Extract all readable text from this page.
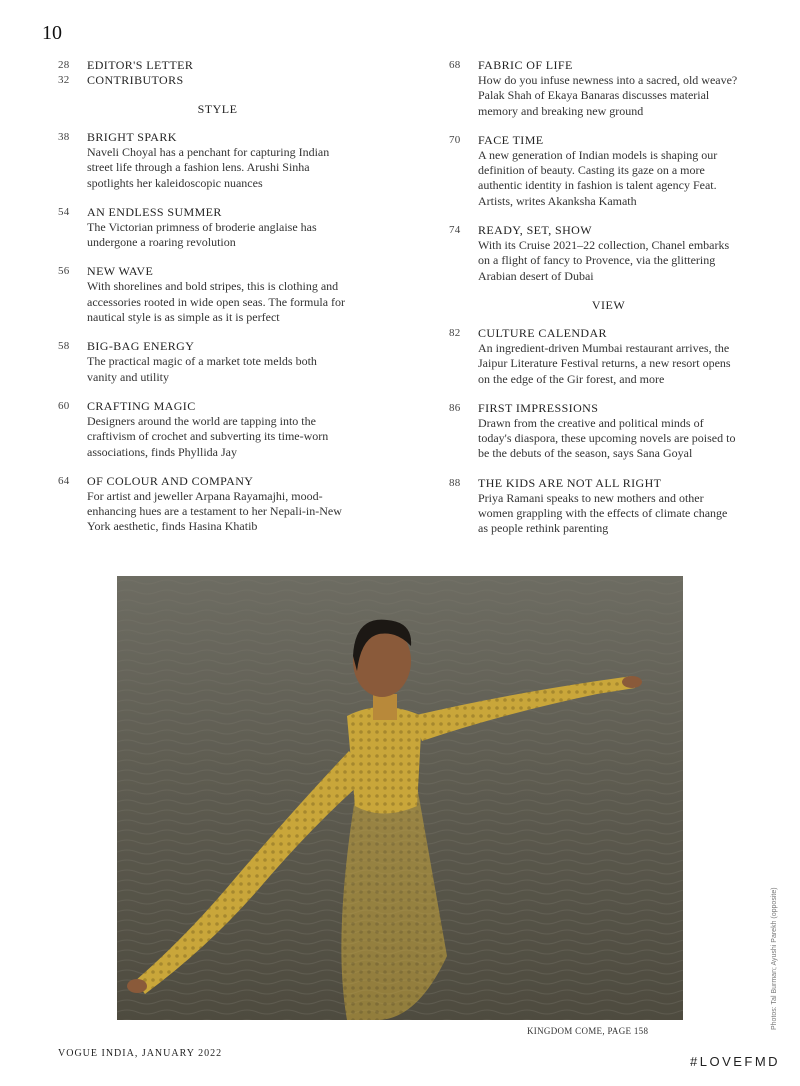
10
28	EDITOR'S LETTER
32	CONTRIBUTORS
STYLE
38	BRIGHT SPARK
Naveli Choyal has a penchant for capturing Indian street life through a fashion lens. Arushi Sinha spotlights her kaleidoscopic nuances
54	AN ENDLESS SUMMER
The Victorian primness of broderie anglaise has undergone a roaring revolution
56	NEW WAVE
With shorelines and bold stripes, this is clothing and accessories rooted in wide open seas. The formula for nautical style is as simple as it is perfect
58	BIG-BAG ENERGY
The practical magic of a market tote melds both vanity and utility
60	CRAFTING MAGIC
Designers around the world are tapping into the craftivism of crochet and subverting its time-worn associations, finds Phyllida Jay
64	OF COLOUR AND COMPANY
For artist and jeweller Arpana Rayamajhi, mood-enhancing hues are a testament to her Nepali-in-New York aesthetic, finds Hasina Khatib
68	FABRIC OF LIFE
How do you infuse newness into a sacred, old weave? Palak Shah of Ekaya Banaras discusses material memory and breaking new ground
70	FACE TIME
A new generation of Indian models is shaping our definition of beauty. Casting its gaze on a more authentic identity in fashion is talent agency Feat. Artists, writes Akanksha Kamath
74	READY, SET, SHOW
With its Cruise 2021–22 collection, Chanel embarks on a flight of fancy to Provence, via the glittering Arabian desert of Dubai
VIEW
82	CULTURE CALENDAR
An ingredient-driven Mumbai restaurant arrives, the Jaipur Literature Festival returns, a new resort opens on the edge of the Gir forest, and more
86	FIRST IMPRESSIONS
Drawn from the creative and political minds of today's diaspora, these upcoming novels are poised to be the debuts of the season, says Sana Goyal
88	THE KIDS ARE NOT ALL RIGHT
Priya Ramani speaks to new mothers and other women grappling with the effects of climate change as people rethink parenting
KINGDOM COME, PAGE 158
Photos: Tal Burman; Ayushi Parekh (opposite)
VOGUE INDIA, JANUARY 2022
#LOVEFMD
